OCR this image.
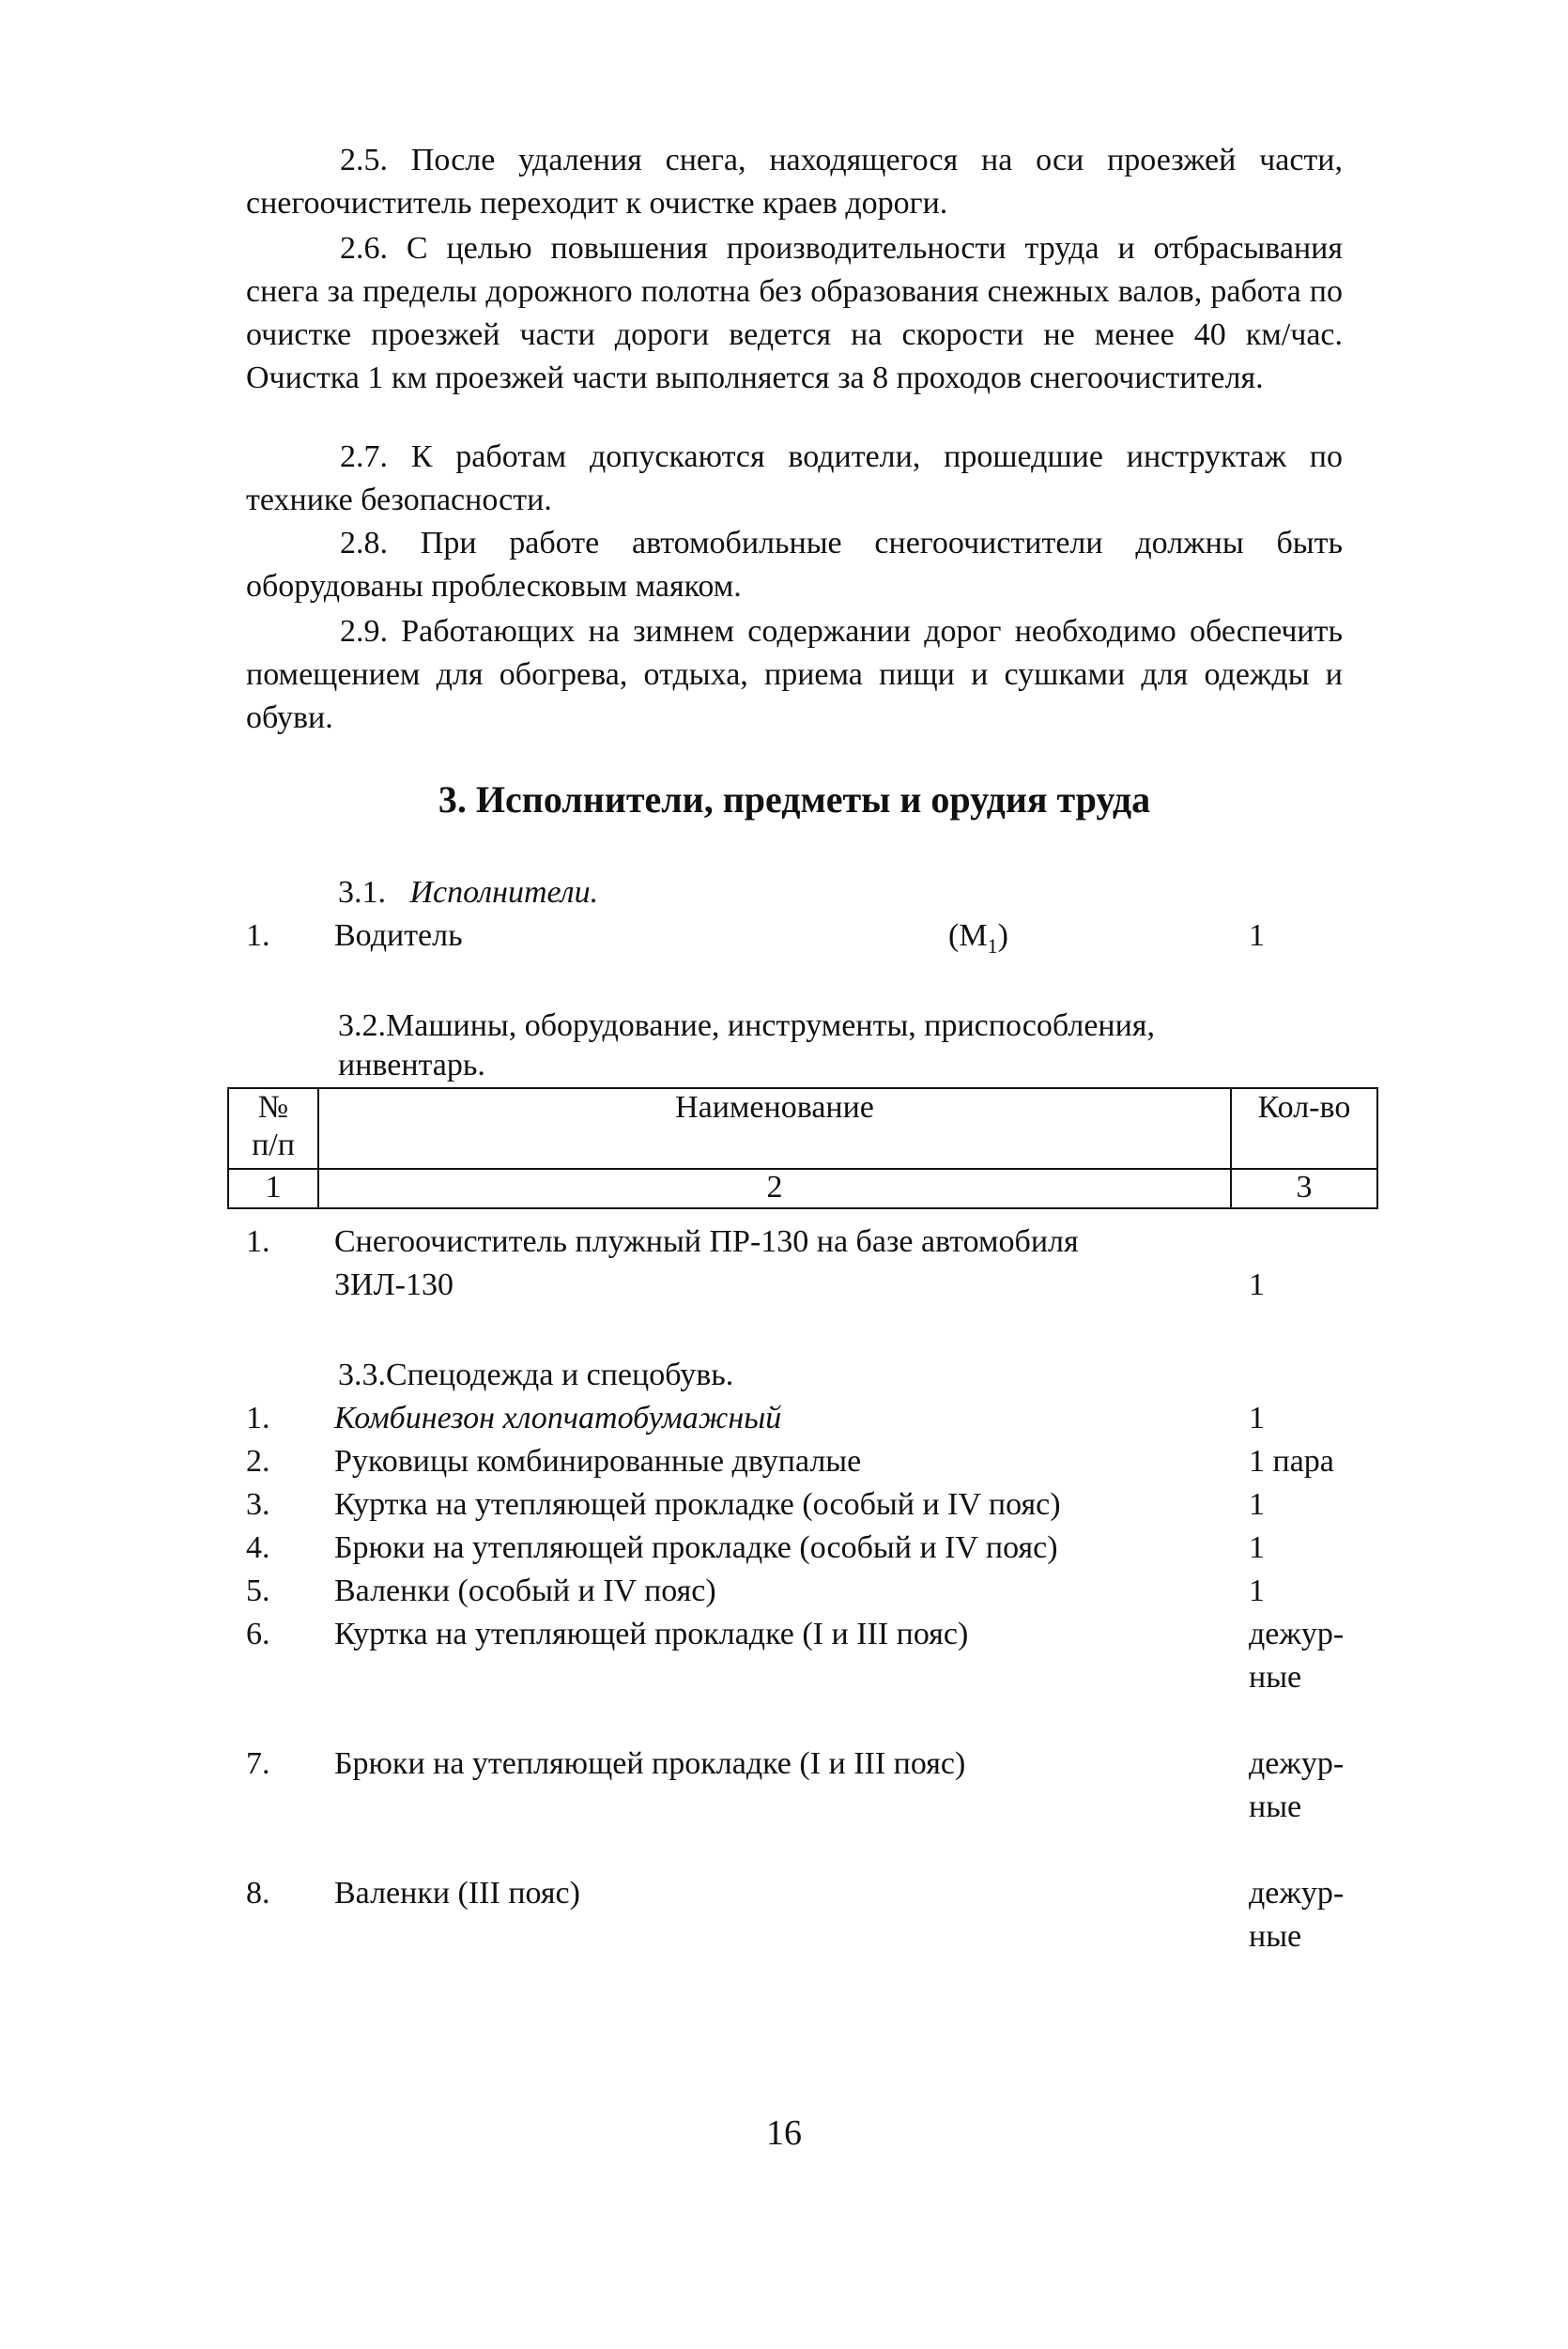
2.5. После удаления снега, находящегося на оси проезжей части, снегоочиститель переходит к очистке краев дороги.

2.6. С целью повышения производительности труда и отбрасывания снега за пределы дорожного полотна без образования снежных валов, работа по очистке проезжей части дороги ведется на скорости не менее 40 км/час. Очистка 1 км проезжей части выполняется за 8 проходов снегоочистителя.

2.7. К работам допускаются водители, прошедшие инструктаж по технике безопасности.

2.8. При работе автомобильные снегоочистители должны быть оборудованы проблесковым маяком.

2.9. Работающих на зимнем содержании дорог необходимо обеспечить помещением для обогрева, отдыха, приема пищи и сушками для одежды и обуви.

3. Исполнители, предметы и орудия труда
3.1. Исполнители.
1. Водитель	$(M_1)$	1
3.2.Машины, оборудование, инструменты, приспособления,
инвентарь.
№
п/п	Наименование	Кол-во
1	2	3
1. Снегоочиститель плужный ПР-130 на базе автомобиля
ЗИЛ-130	1
3.3.Спецодежда и спецобувь.
1. Комбинезон хлопчатобумажный	1
2. Руковицы комбинированные двупалые	1 пара
3. Куртка на утепляющей прокладке (особый и IV пояс)	1
4. Брюки на утепляющей прокладке (особый и IV пояс)	1
5. Валенки (особый и IV пояс)	1
6. Куртка на утепляющей прокладке (I и III пояс)	дежур-
ные
7. Брюки на утепляющей прокладке (I и III пояс)	дежур-
ные
8. Валенки (III пояс)	дежур-
ные
16
